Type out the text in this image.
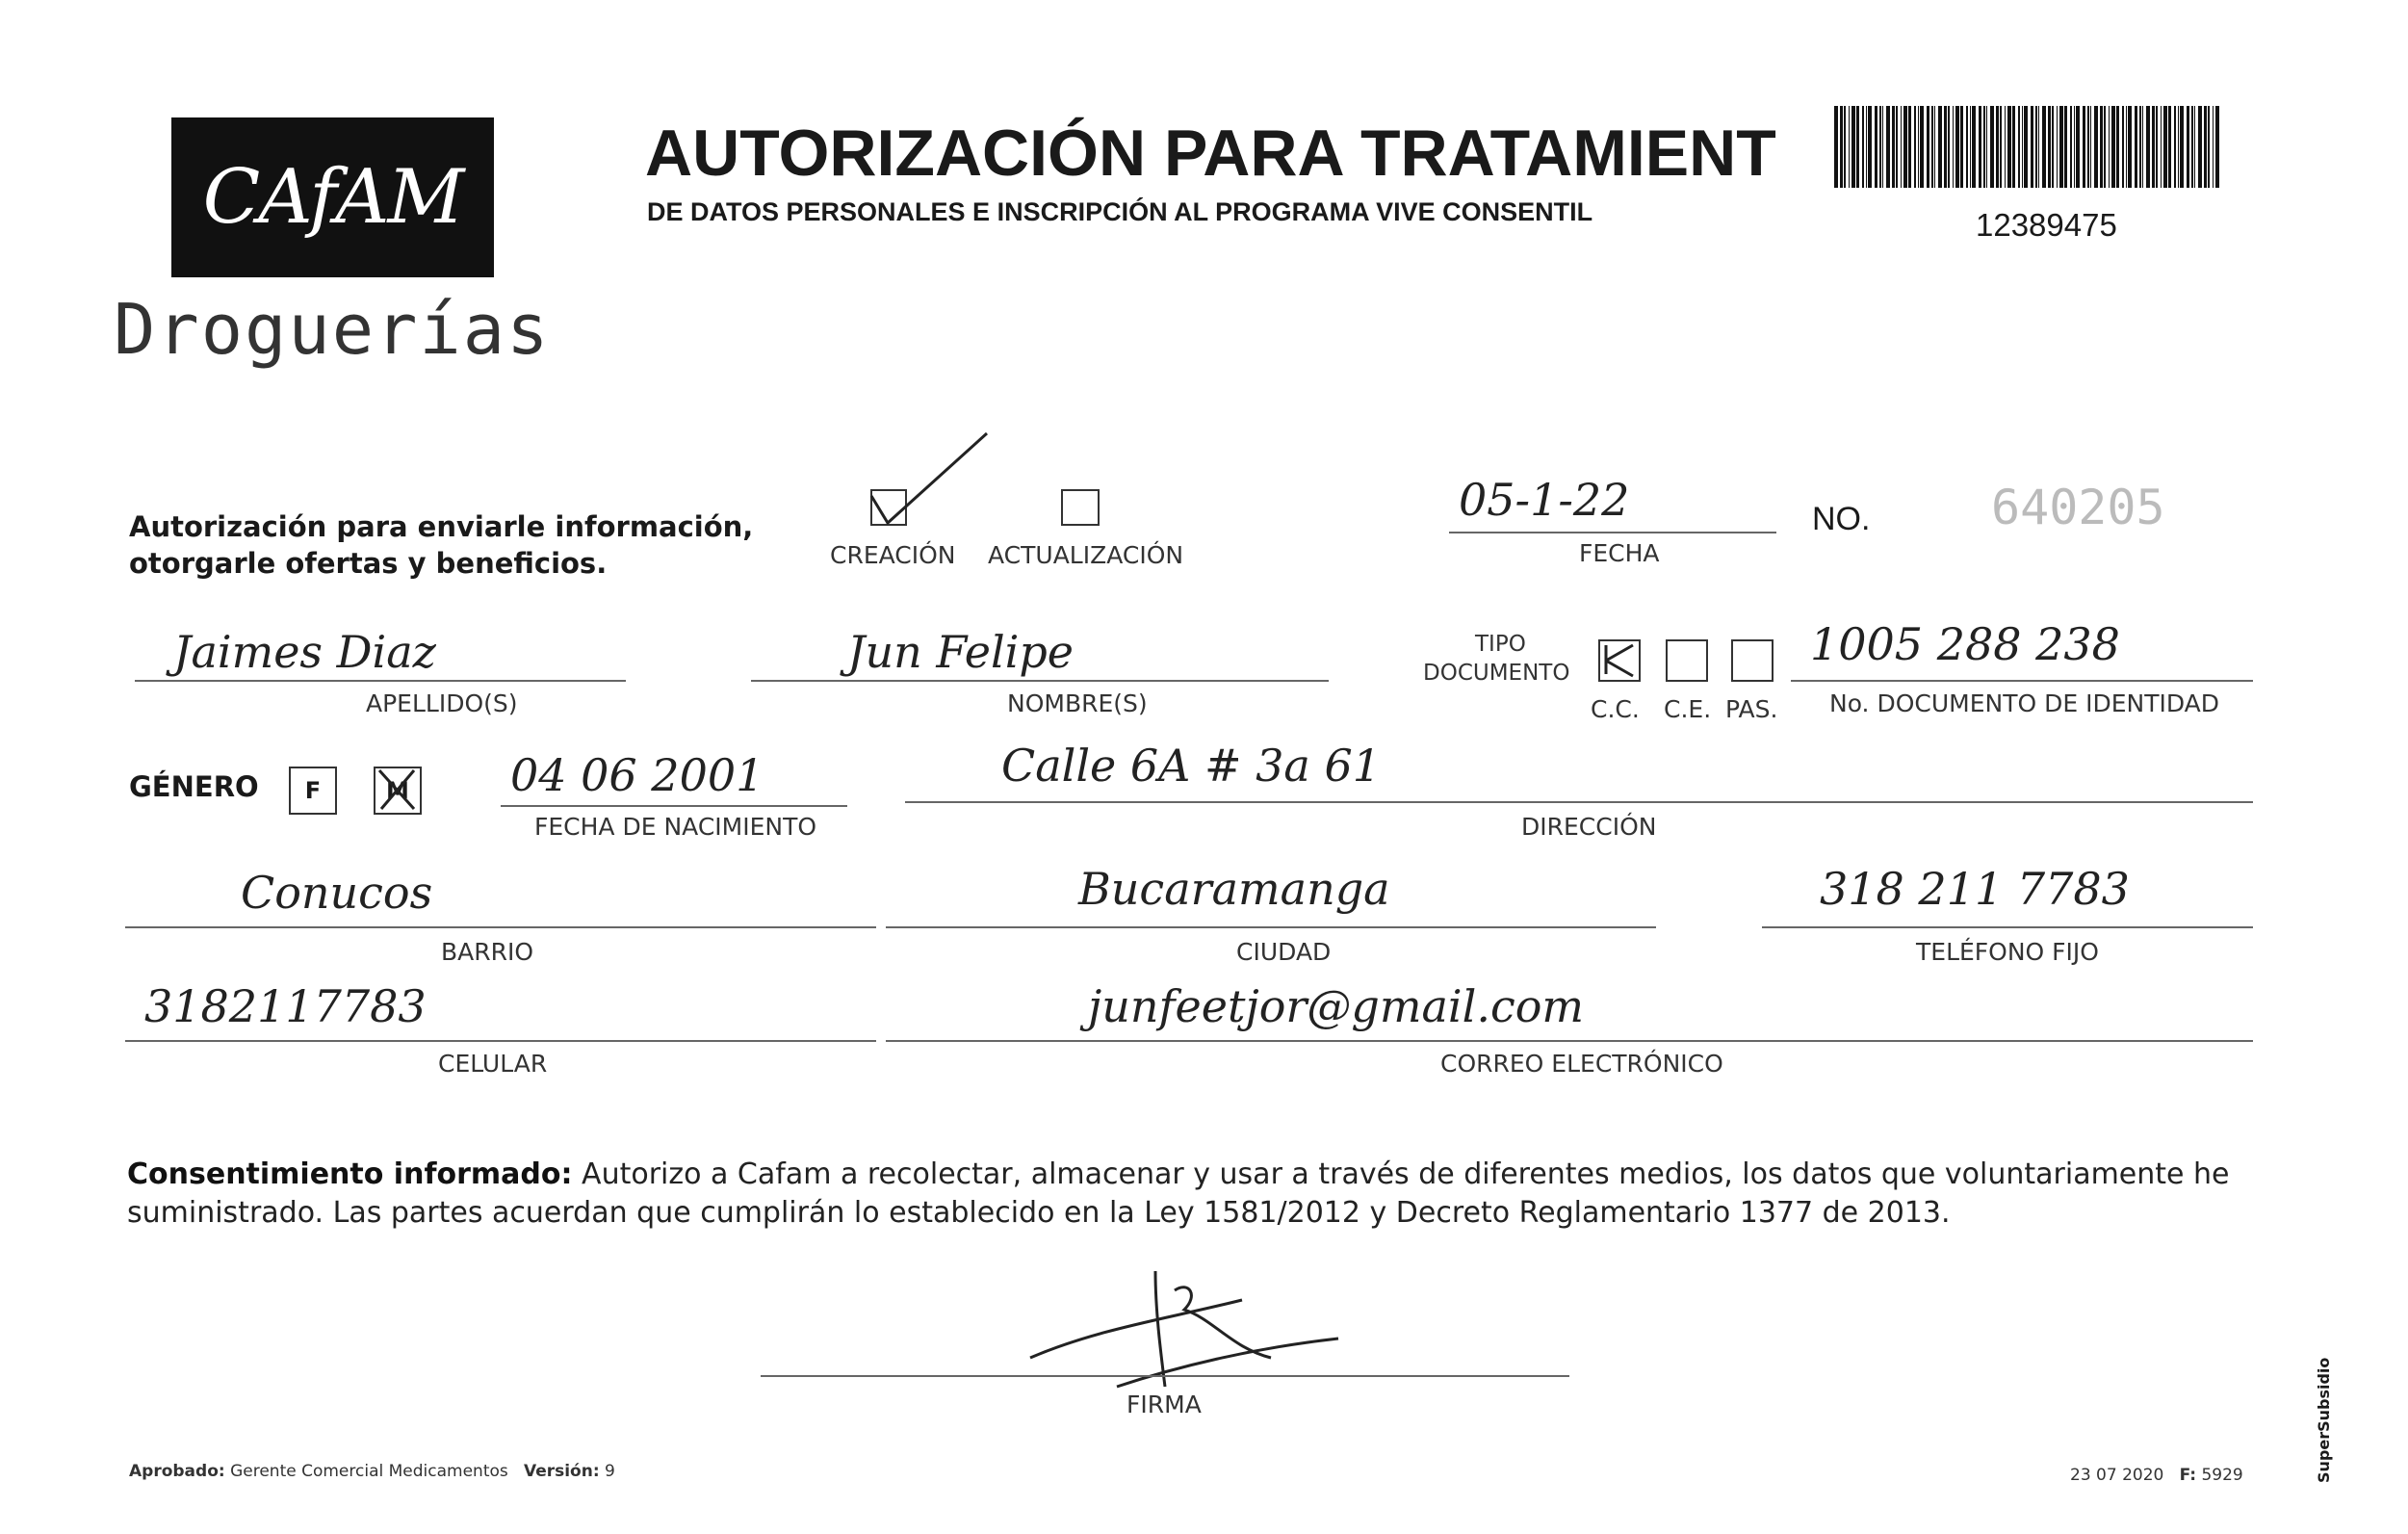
CAfAM
Droguerías
AUTORIZACIÓN PARA TRATAMIENT
DE DATOS PERSONALES E INSCRIPCIÓN AL PROGRAMA VIVE CONSENTIL	12389475
Autorización para enviarle información,
otorgarle ofertas y beneficios.	CREACIÓN ACTUALIZACIÓN
05-1-22
FECHA
NO.	640205
Jaimes Diaz
APELLIDO(S)
Jun Felipe
NOMBRE(S)
TIPO
DOCUMENTO
C.C. C.E. PAS.
1005 288 238
No. DOCUMENTO DE IDENTIDAD
GÉNERO F	M 04 06 2001
FECHA DE NACIMIENTO
Calle 6A # 3a 61
DIRECCIÓN
Conucos
BARRIO
Bucaramanga
CIUDAD
318 211 7783
TELÉFONO FIJO
3182117783
CELULAR
junfeetjor@gmail.com
CORREO ELECTRÓNICO
Consentimiento informado: Autorizo a Cafam a recolectar, almacenar y usar a través de diferentes medios, los datos que voluntariamente he suministrado. Las partes acuerdan que cumplirán lo establecido en la Ley 1581/2012 y Decreto Reglamentario 1377 de 2013.
FIRMA
Aprobado: Gerente Comercial Medicamentos Versión: 9	23 07 2020 F: 5929	SuperSubsidio
